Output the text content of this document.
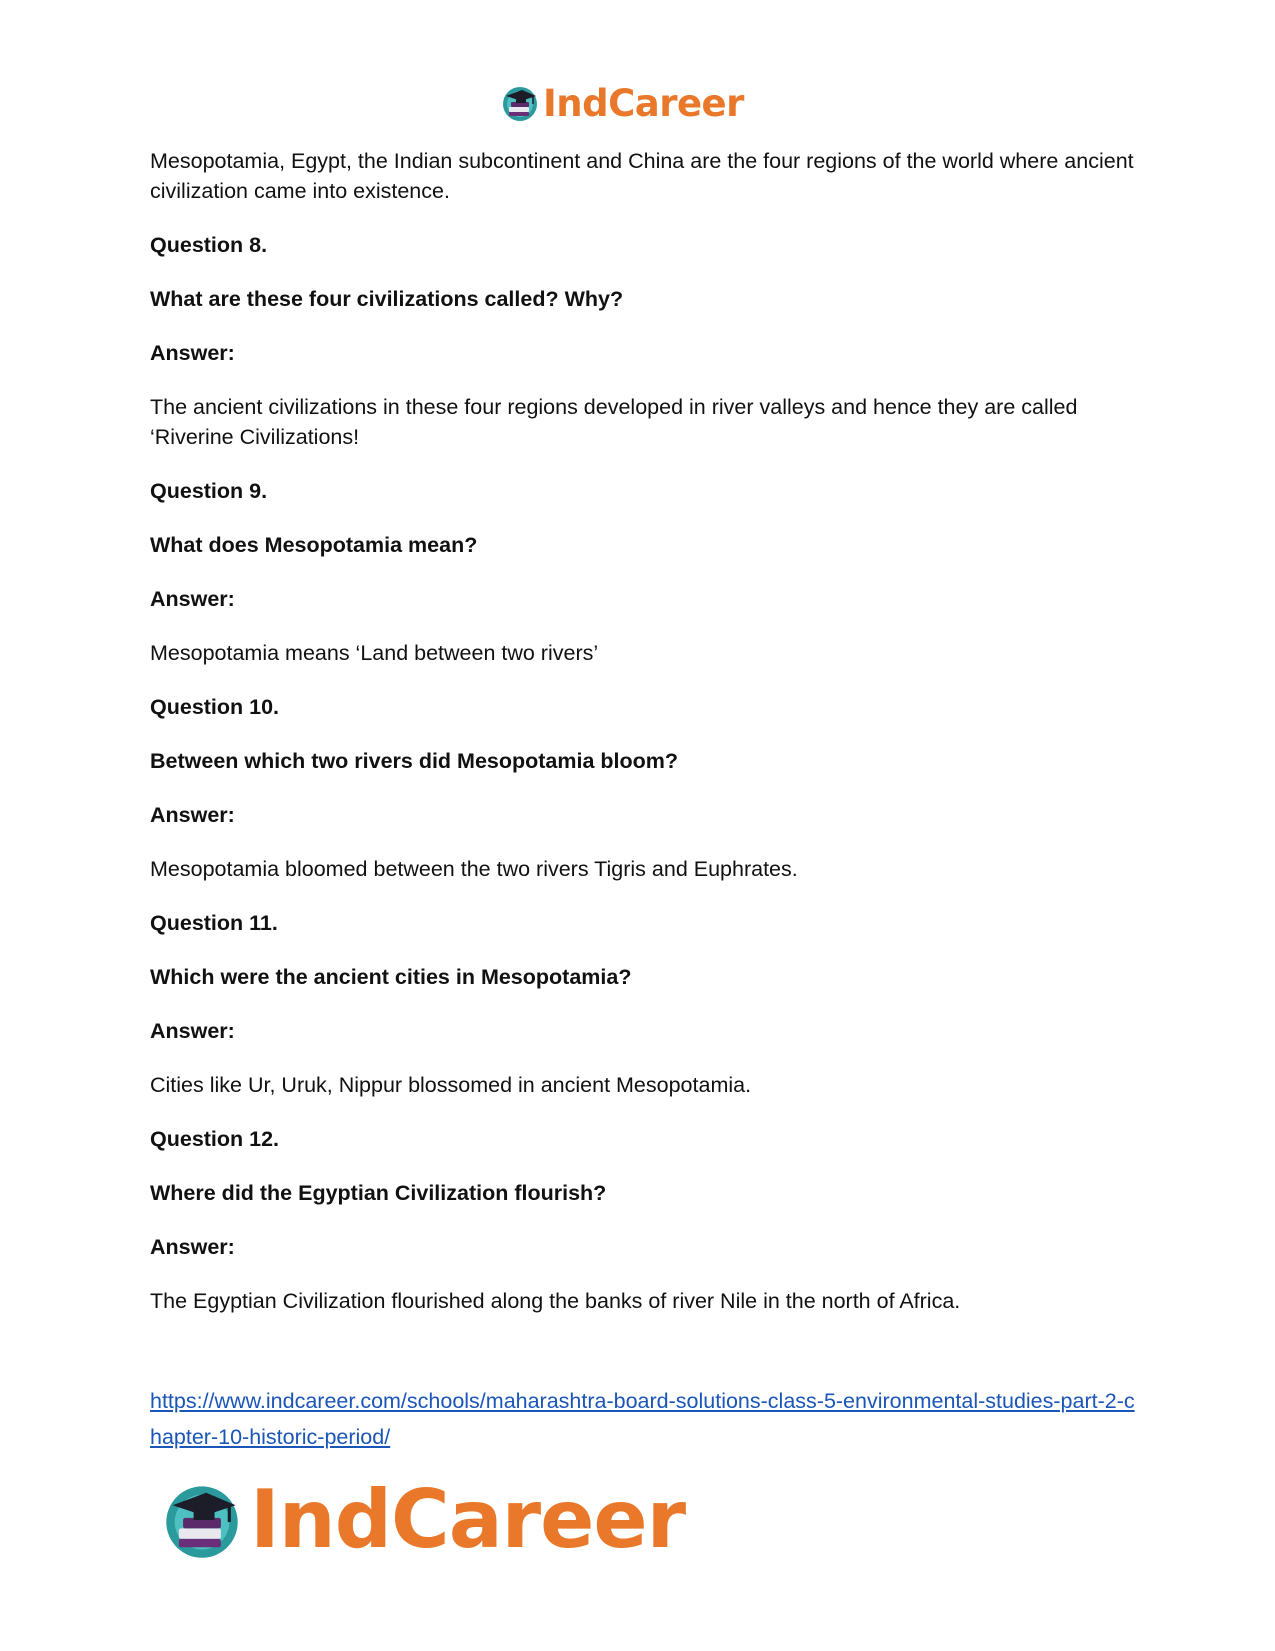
IndCareer

Mesopotamia, Egypt, the Indian subcontinent and China are the four regions of the world where ancient civilization came into existence.

Question 8.

What are these four civilizations called? Why?

Answer:

The ancient civilizations in these four regions developed in river valleys and hence they are called ‘Riverine Civilizations!

Question 9.

What does Mesopotamia mean?

Answer:

Mesopotamia means ‘Land between two rivers’

Question 10.

Between which two rivers did Mesopotamia bloom?

Answer:

Mesopotamia bloomed between the two rivers Tigris and Euphrates.

Question 11.

Which were the ancient cities in Mesopotamia?

Answer:

Cities like Ur, Uruk, Nippur blossomed in ancient Mesopotamia.

Question 12.

Where did the Egyptian Civilization flourish?

Answer:

The Egyptian Civilization flourished along the banks of river Nile in the north of Africa.

https://www.indcareer.com/schools/maharashtra-board-solutions-class-5-environmental-studies-part-2-chapter-10-historic-period/
IndCareer
